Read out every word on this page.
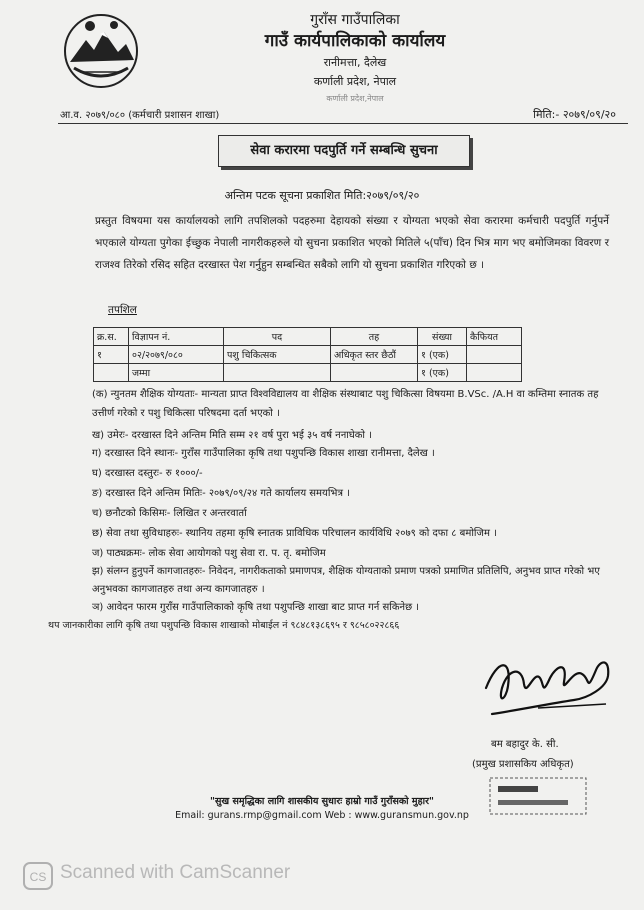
गुराँस गाउँपालिका
गाउँ कार्यपालिकाको कार्यालय
रानीमत्ता, दैलेख
कर्णाली प्रदेश, नेपाल
कर्णाली प्रदेश,नेपाल
आ.व. २०७९/०८० (कर्मचारी प्रशासन शाखा)	मिति:- २०७९/०९/२०
सेवा करारमा पदपुर्ति गर्ने सम्बन्धि सुचना
अन्तिम पटक सूचना प्रकाशित मिति:२०७९/०९/२०
प्रस्तुत विषयमा यस कार्यालयको लागि तपशिलको पदहरुमा देहायको संख्या र योग्यता भएको सेवा करारमा कर्मचारी पदपुर्ति गर्नुपर्ने भएकाले योग्यता पुगेका ईच्छुक नेपाली नागरीकहरुले यो सुचना प्रकाशित भएको मितिले ५(पाँच) दिन भित्र माग भए बमोजिमका विवरण र राजश्व तिरेको रसिद सहित दरखास्त पेश गर्नुहुन सम्बन्धित सबैको लागि यो सुचना प्रकाशित गरिएको छ ।
तपशिल
क्र.स.	विज्ञापन नं.	पद	तह	संख्या	कैफियत
१	०२/२०७९/०८०	पशु चिकित्सक	अधिकृत स्तर छैठौं	१ (एक)	
	जम्मा			१ (एक)	
(क) न्युनतम शैक्षिक योग्यताः- मान्यता प्राप्त विश्वविद्यालय वा शैक्षिक संस्थाबाट पशु चिकित्सा विषयमा B.VSc. /A.H वा कम्तिमा स्नातक तह उत्तीर्ण गरेको र पशु चिकित्सा परिषदमा दर्ता भएको ।
ख) उमेरः- दरखास्त दिने अन्तिम मिति सम्म २१ वर्ष पुरा भई ३५ वर्ष ननाघेको ।
ग) दरखास्त दिने स्थानः- गुराँस गाउँपालिका कृषि तथा पशुपन्छि विकास शाखा रानीमत्ता, दैलेख ।
घ) दरखास्त दस्तुरः- रु १०००/-
ङ) दरखास्त दिने अन्तिम मितिः- २०७९/०९/२४ गते कार्यालय समयभित्र ।
च) छनौटको किसिमः- लिखित र अन्तरवार्ता
छ) सेवा तथा सुविधाहरुः- स्थानिय तहमा कृषि स्नातक प्राविधिक परिचालन कार्यविधि २०७९ को दफा ८ बमोजिम ।
ज) पाठ्यक्रमः- लोक सेवा आयोगको पशु सेवा रा. प. तृ. बमोजिम
झ) संलग्न हुनुपर्ने कागजातहरुः- निवेदन, नागरीकताको प्रमाणपत्र, शैक्षिक योग्यताको प्रमाण पत्रको प्रमाणित प्रतिलिपि, अनुभव प्राप्त गरेको भए अनुभवका कागजातहरु तथा अन्य कागजातहरु ।
ञ) आवेदन फारम गुराँस गाउँपालिकाको कृषि तथा पशुपन्छि शाखा बाट प्राप्त गर्न सकिनेछ ।
थप जानकारीका लागि कृषि तथा पशुपन्छि विकास शाखाको मोबाईल नं ९८४८१३८६९५ र ९८५८०२२८६६
बम बहादुर के. सी.
(प्रमुख प्रशासकिय अधिकृत)
"सुख समृद्धिका लागि शासकीय सुधारः हाम्रो गाउँ गुराँसको मुहार"
Email: gurans.rmp@gmail.com Web : www.guransmun.gov.np
CS Scanned with CamScanner
